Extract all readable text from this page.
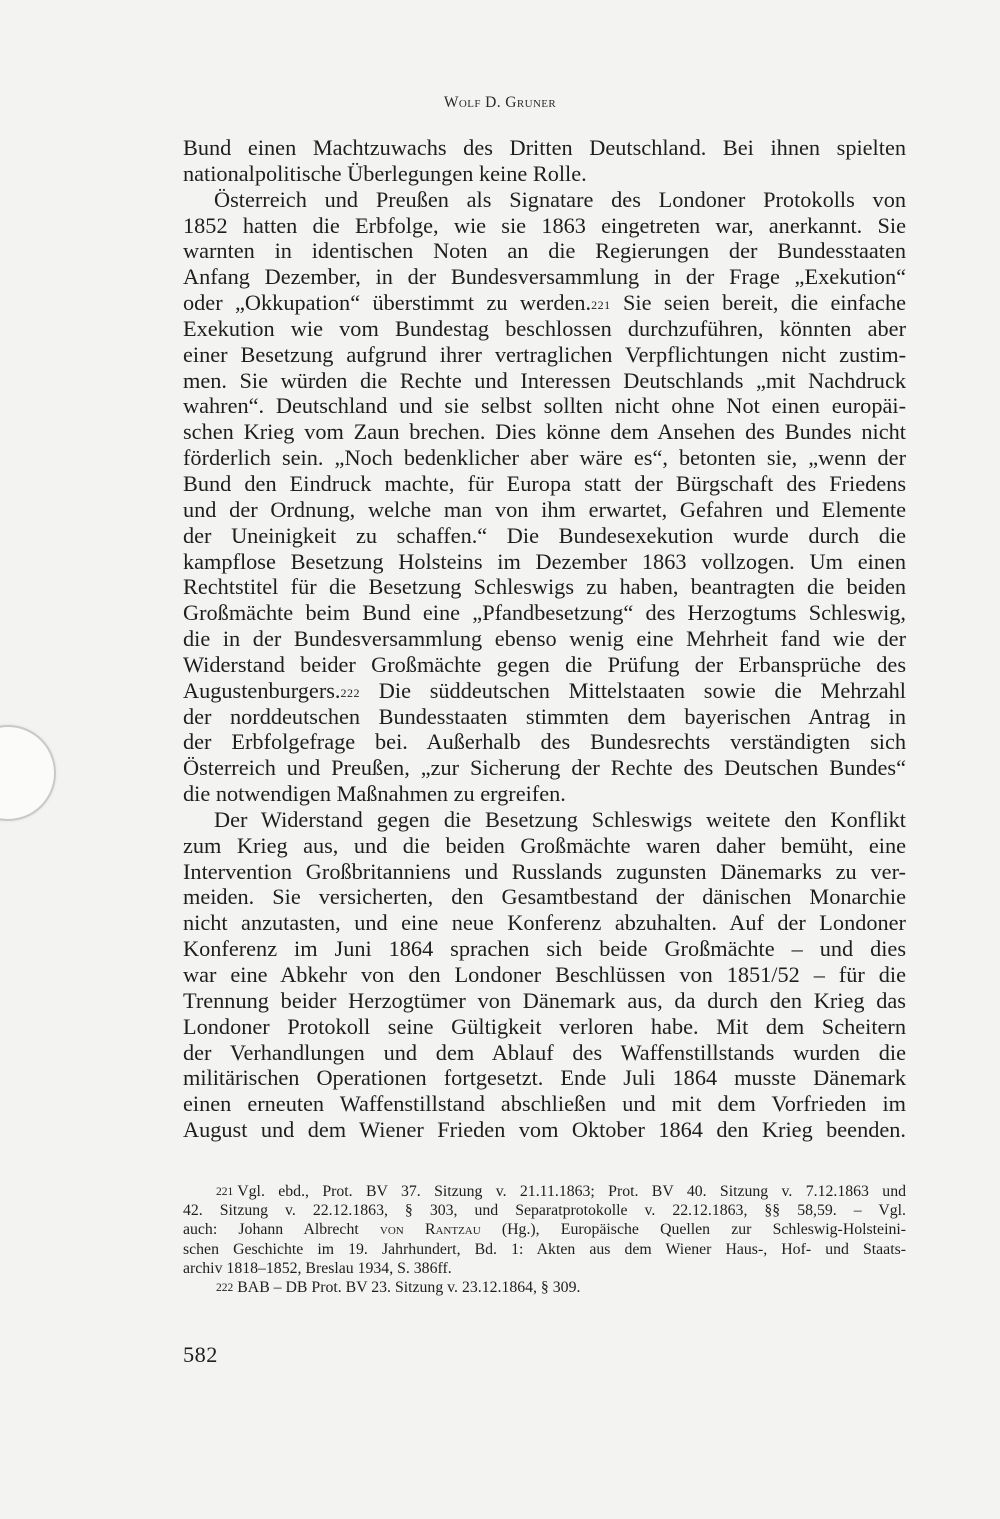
Wolf D. Gruner
Bund einen Machtzuwachs des Dritten Deutschland. Bei ihnen spielten
nationalpolitische Überlegungen keine Rolle.
Österreich und Preußen als Signatare des Londoner Protokolls von
1852 hatten die Erbfolge, wie sie 1863 eingetreten war, anerkannt. Sie
warnten in identischen Noten an die Regierungen der Bundesstaaten
Anfang Dezember, in der Bundesversammlung in der Frage „Exekution“
oder „Okkupation“ überstimmt zu werden.221 Sie seien bereit, die einfache
Exekution wie vom Bundestag beschlossen durchzuführen, könnten aber
einer Besetzung aufgrund ihrer vertraglichen Verpflichtungen nicht zustim-
men. Sie würden die Rechte und Interessen Deutschlands „mit Nachdruck
wahren“. Deutschland und sie selbst sollten nicht ohne Not einen europäi-
schen Krieg vom Zaun brechen. Dies könne dem Ansehen des Bundes nicht
förderlich sein. „Noch bedenklicher aber wäre es“, betonten sie, „wenn der
Bund den Eindruck machte, für Europa statt der Bürgschaft des Friedens
und der Ordnung, welche man von ihm erwartet, Gefahren und Elemente
der Uneinigkeit zu schaffen.“ Die Bundesexekution wurde durch die
kampflose Besetzung Holsteins im Dezember 1863 vollzogen. Um einen
Rechtstitel für die Besetzung Schleswigs zu haben, beantragten die beiden
Großmächte beim Bund eine „Pfandbesetzung“ des Herzogtums Schleswig,
die in der Bundesversammlung ebenso wenig eine Mehrheit fand wie der
Widerstand beider Großmächte gegen die Prüfung der Erbansprüche des
Augustenburgers.222 Die süddeutschen Mittelstaaten sowie die Mehrzahl
der norddeutschen Bundesstaaten stimmten dem bayerischen Antrag in
der Erbfolgefrage bei. Außerhalb des Bundesrechts verständigten sich
Österreich und Preußen, „zur Sicherung der Rechte des Deutschen Bundes“
die notwendigen Maßnahmen zu ergreifen.
Der Widerstand gegen die Besetzung Schleswigs weitete den Konflikt
zum Krieg aus, und die beiden Großmächte waren daher bemüht, eine
Intervention Großbritanniens und Russlands zugunsten Dänemarks zu ver-
meiden. Sie versicherten, den Gesamtbestand der dänischen Monarchie
nicht anzutasten, und eine neue Konferenz abzuhalten. Auf der Londoner
Konferenz im Juni 1864 sprachen sich beide Großmächte – und dies
war eine Abkehr von den Londoner Beschlüssen von 1851/52 – für die
Trennung beider Herzogtümer von Dänemark aus, da durch den Krieg das
Londoner Protokoll seine Gültigkeit verloren habe. Mit dem Scheitern
der Verhandlungen und dem Ablauf des Waffenstillstands wurden die
militärischen Operationen fortgesetzt. Ende Juli 1864 musste Dänemark
einen erneuten Waffenstillstand abschließen und mit dem Vorfrieden im
August und dem Wiener Frieden vom Oktober 1864 den Krieg beenden.
221 Vgl. ebd., Prot. BV 37. Sitzung v. 21.11.1863; Prot. BV 40. Sitzung v. 7.12.1863 und
42. Sitzung v. 22.12.1863, § 303, und Separatprotokolle v. 22.12.1863, §§ 58,59. – Vgl.
auch: Johann Albrecht von Rantzau (Hg.), Europäische Quellen zur Schleswig-Holsteini-
schen Geschichte im 19. Jahrhundert, Bd. 1: Akten aus dem Wiener Haus-, Hof- und Staats-
archiv 1818–1852, Breslau 1934, S. 386ff.
222 BAB – DB Prot. BV 23. Sitzung v. 23.12.1864, § 309.
582
